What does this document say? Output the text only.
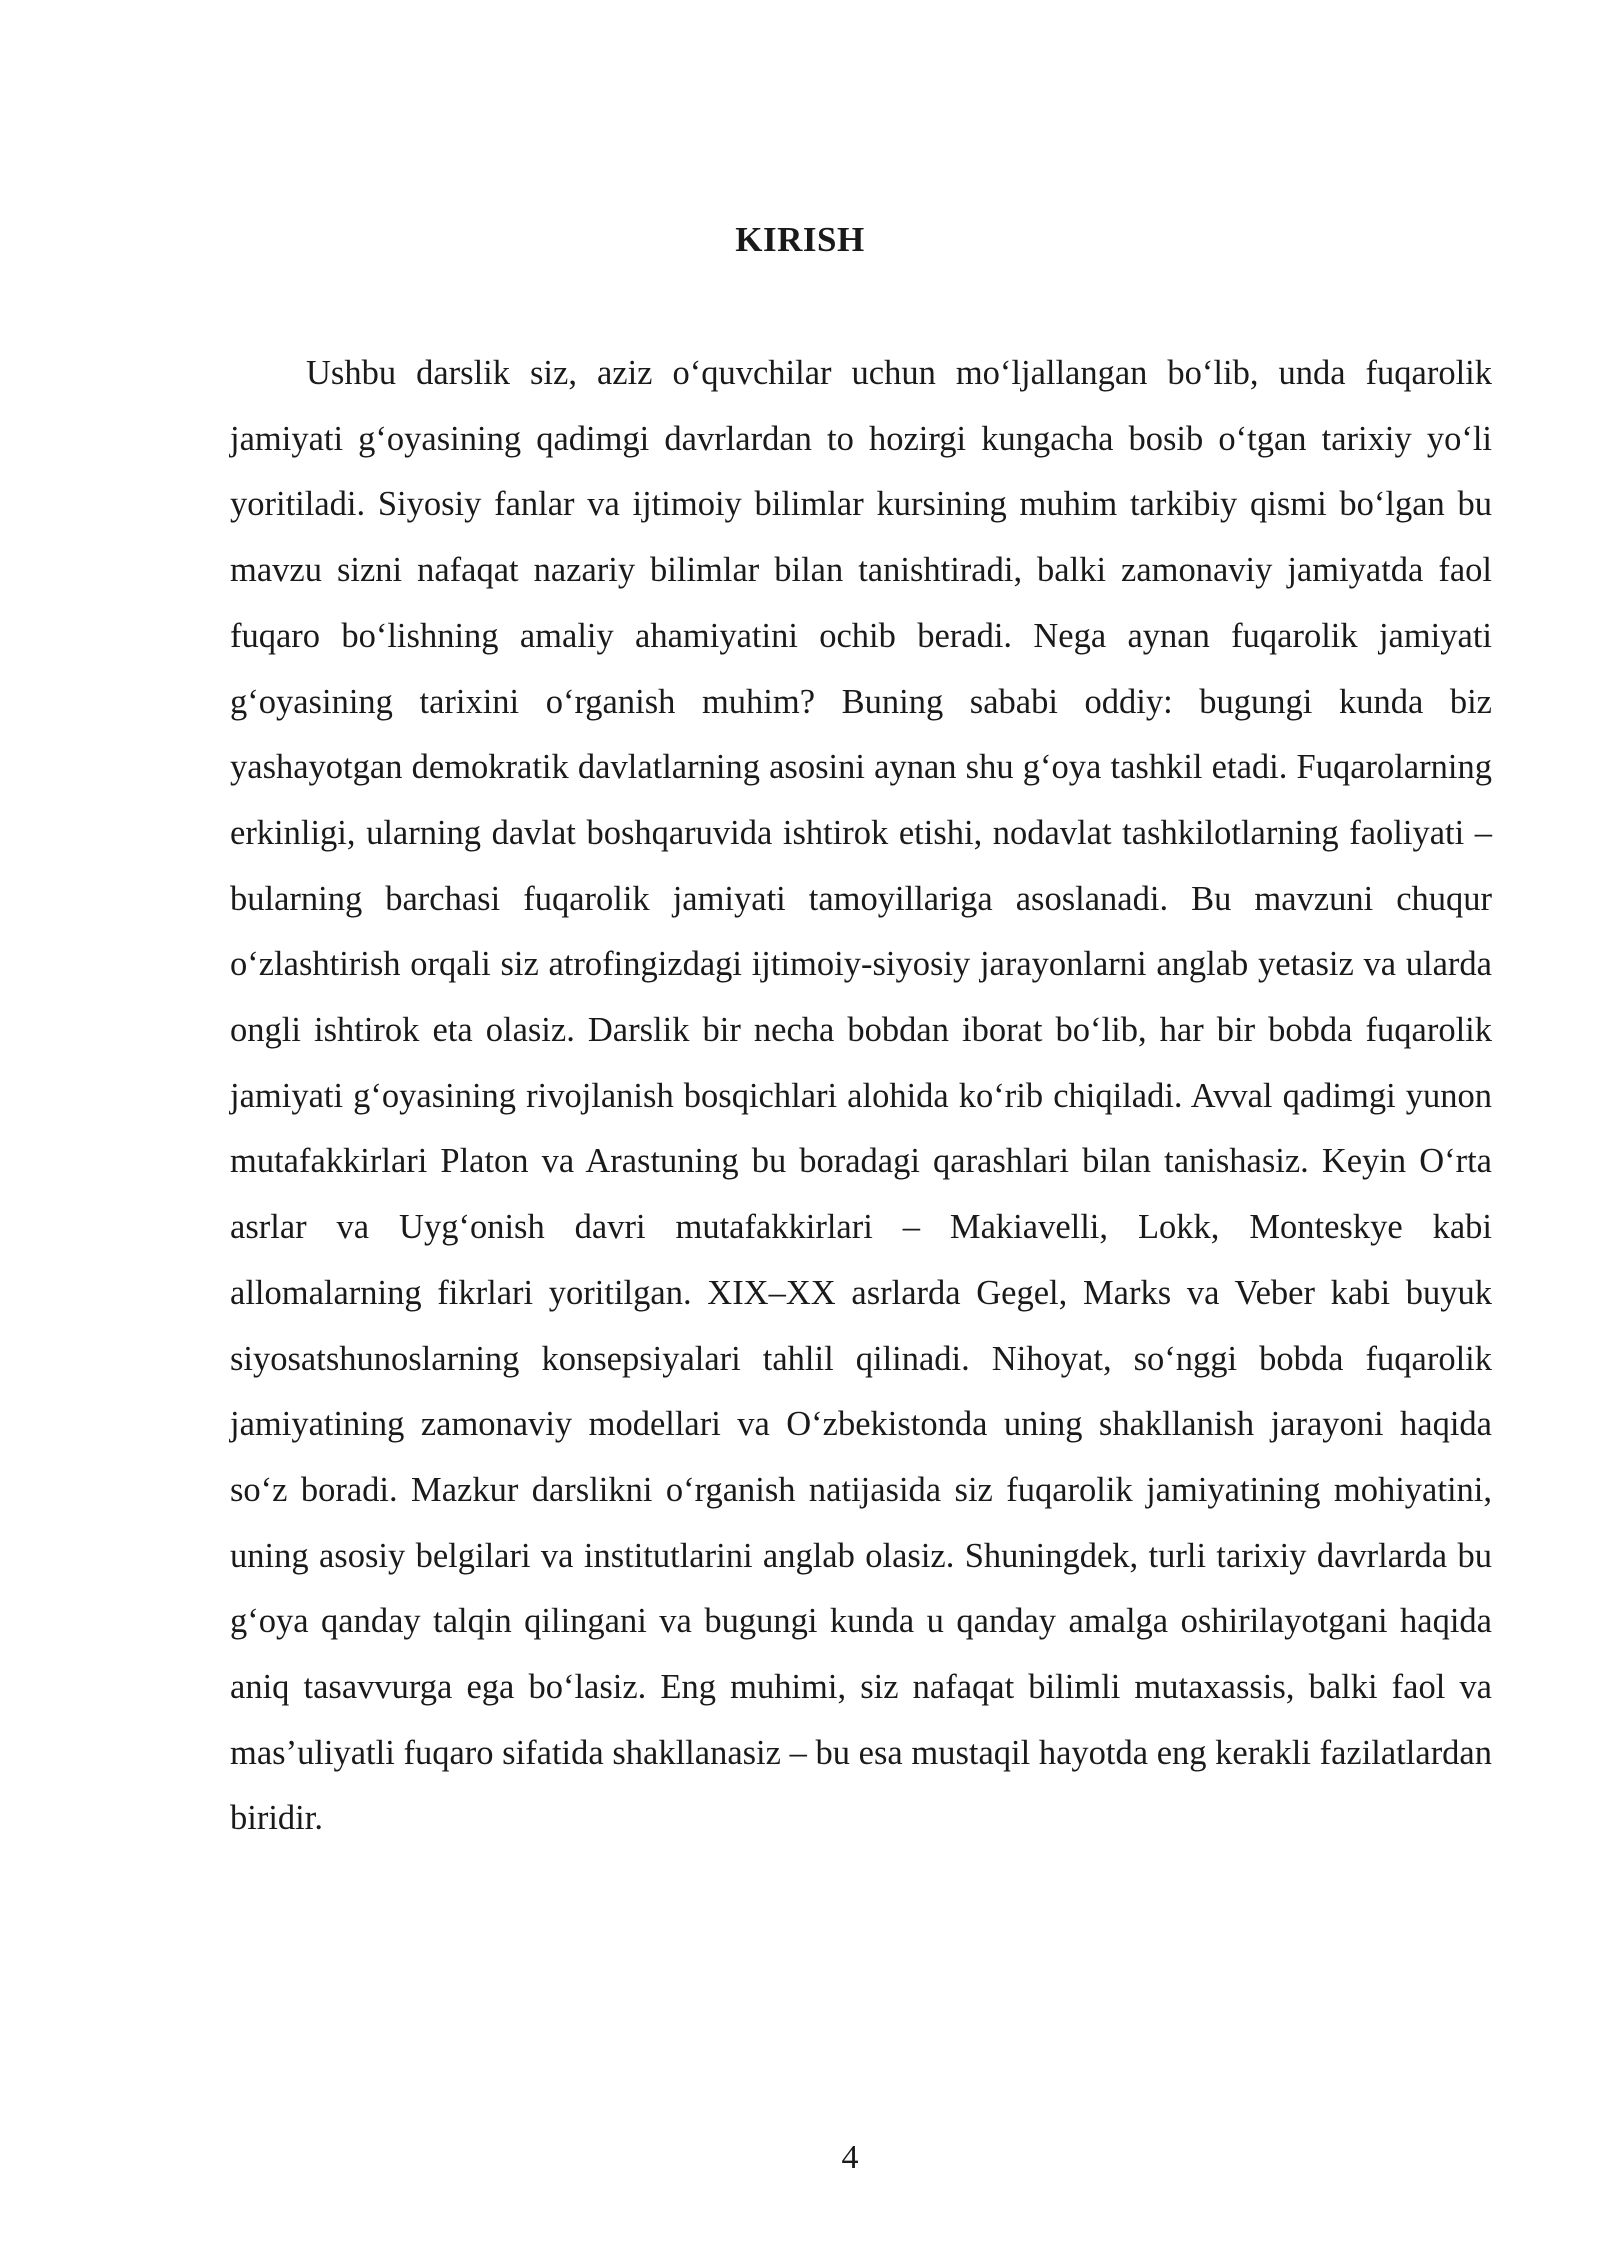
KIRISH

Ushbu darslik siz, aziz o‘quvchilar uchun mo‘ljallangan bo‘lib, unda fuqarolik jamiyati g‘oyasining qadimgi davrlardan to hozirgi kungacha bosib o‘tgan tarixiy yo‘li yoritiladi. Siyosiy fanlar va ijtimoiy bilimlar kursining muhim tarkibiy qismi bo‘lgan bu mavzu sizni nafaqat nazariy bilimlar bilan tanishtiradi, balki zamonaviy jamiyatda faol fuqaro bo‘lishning amaliy ahamiyatini ochib beradi. Nega aynan fuqarolik jamiyati g‘oyasining tarixini o‘rganish muhim? Buning sababi oddiy: bugungi kunda biz yashayotgan demokratik davlatlarning asosini aynan shu g‘oya tashkil etadi. Fuqarolarning erkinligi, ularning davlat boshqaruvida ishtirok etishi, nodavlat tashkilotlarning faoliyati – bularning barchasi fuqarolik jamiyati tamoyillariga asoslanadi. Bu mavzuni chuqur o‘zlashtirish orqali siz atrofingizdagi ijtimoiy-siyosiy jarayonlarni anglab yetasiz va ularda ongli ishtirok eta olasiz. Darslik bir necha bobdan iborat bo‘lib, har bir bobda fuqarolik jamiyati g‘oyasining rivojlanish bosqichlari alohida ko‘rib chiqiladi. Avval qadimgi yunon mutafakkirlari Platon va Arastuning bu boradagi qarashlari bilan tanishasiz. Keyin O‘rta asrlar va Uyg‘onish davri mutafakkirlari – Makiavelli, Lokk, Monteskye kabi allomalarning fikrlari yoritilgan. XIX–XX asrlarda Gegel, Marks va Veber kabi buyuk siyosatshunoslarning konsepsiyalari tahlil qilinadi. Nihoyat, so‘nggi bobda fuqarolik jamiyatining zamonaviy modellari va O‘zbekistonda uning shakllanish jarayoni haqida so‘z boradi. Mazkur darslikni o‘rganish natijasida siz fuqarolik jamiyatining mohiyatini, uning asosiy belgilari va institutlarini anglab olasiz. Shuningdek, turli tarixiy davrlarda bu g‘oya qanday talqin qilingani va bugungi kunda u qanday amalga oshirilayotgani haqida aniq tasavvurga ega bo‘lasiz. Eng muhimi, siz nafaqat bilimli mutaxassis, balki faol va mas’uliyatli fuqaro sifatida shakllanasiz – bu esa mustaqil hayotda eng kerakli fazilatlardan biridir.

4
